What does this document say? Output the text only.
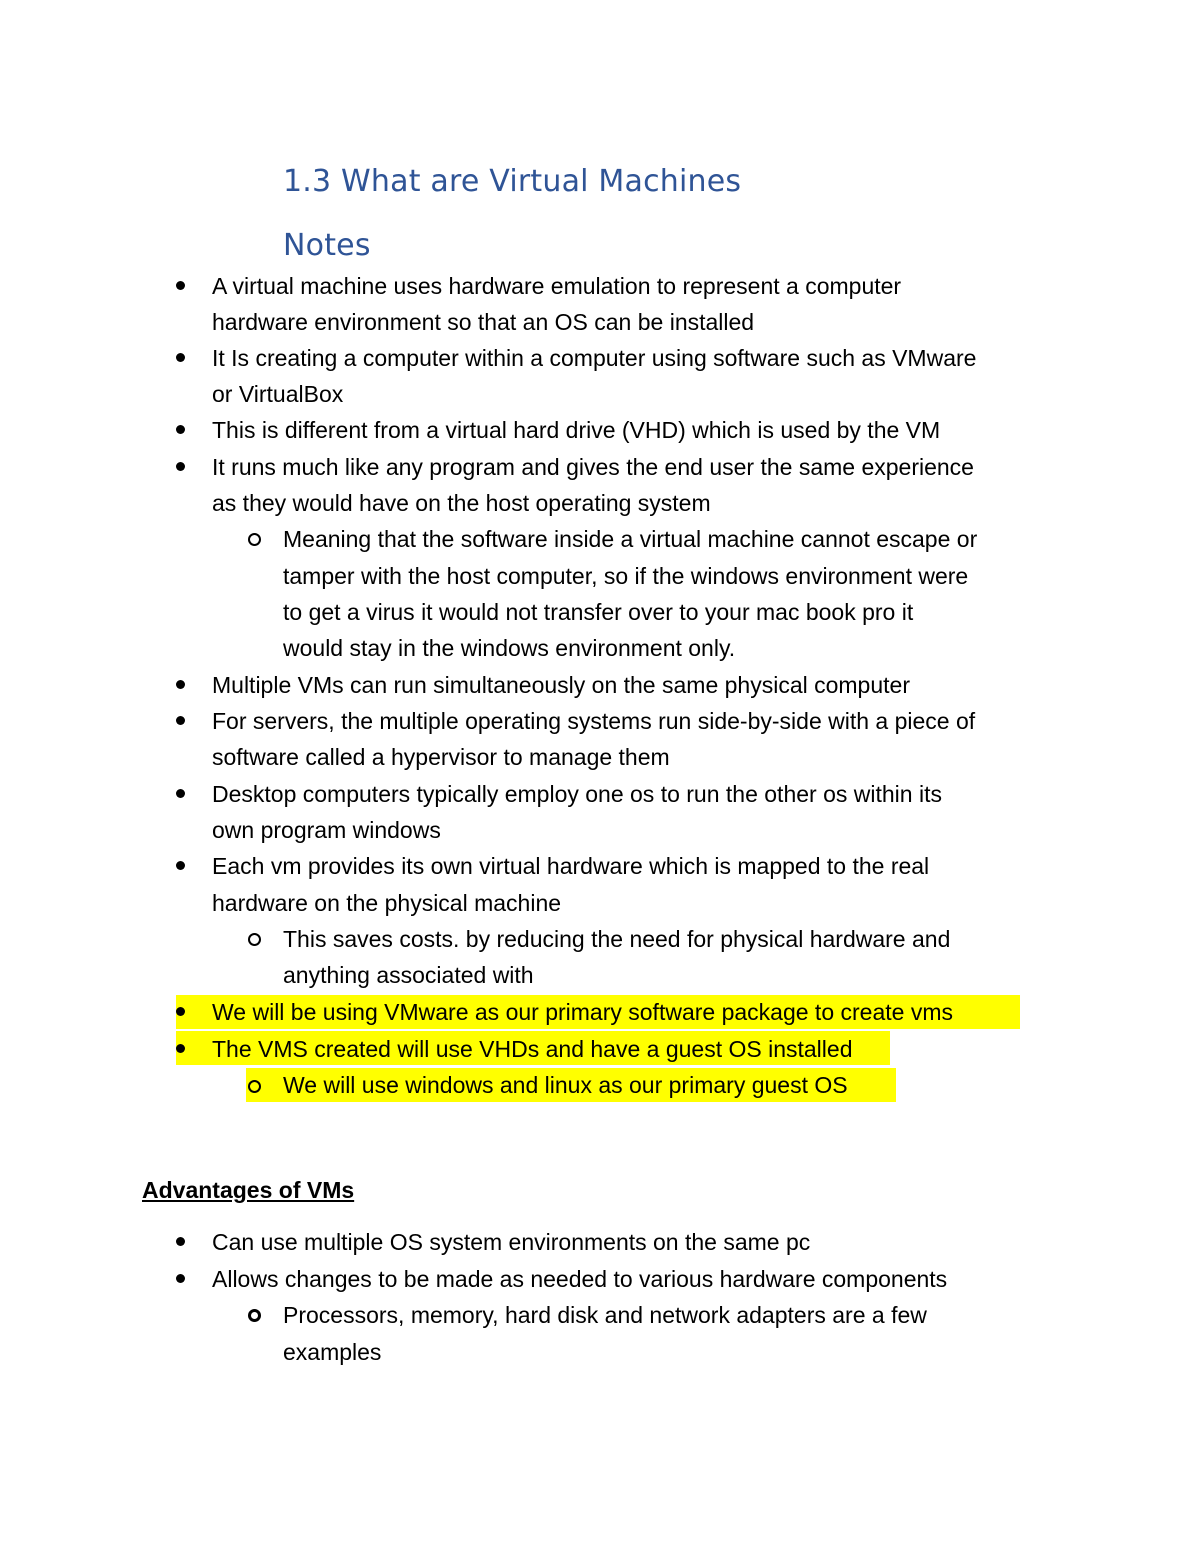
1.3 What are Virtual Machines
Notes
A virtual machine uses hardware emulation to represent a computer
hardware environment so that an OS can be installed
It Is creating a computer within a computer using software such as VMware
or VirtualBox
This is different from a virtual hard drive (VHD) which is used by the VM
It runs much like any program and gives the end user the same experience
as they would have on the host operating system
Meaning that the software inside a virtual machine cannot escape or
tamper with the host computer, so if the windows environment were
to get a virus it would not transfer over to your mac book pro it
would stay in the windows environment only.
Multiple VMs can run simultaneously on the same physical computer
For servers, the multiple operating systems run side-by-side with a piece of
software called a hypervisor to manage them
Desktop computers typically employ one os to run the other os within its
own program windows
Each vm provides its own virtual hardware which is mapped to the real
hardware on the physical machine
This saves costs. by reducing the need for physical hardware and
anything associated with
We will be using VMware as our primary software package to create vms
The VMS created will use VHDs and have a guest OS installed
We will use windows and linux as our primary guest OS
Advantages of VMs
Can use multiple OS system environments on the same pc
Allows changes to be made as needed to various hardware components
Processors, memory, hard disk and network adapters are a few
examples
